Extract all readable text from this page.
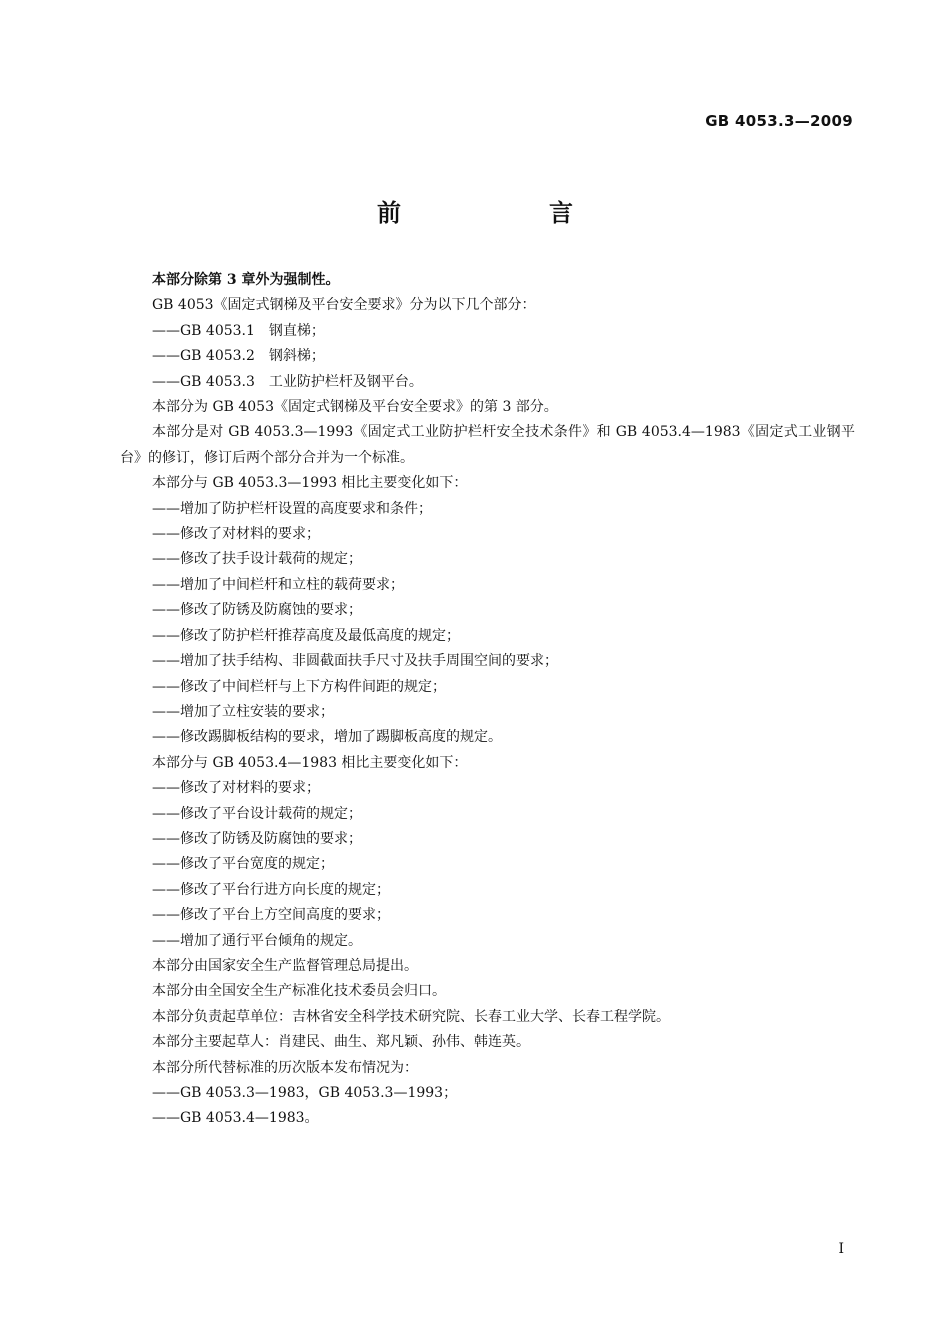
GB 4053.3—2009
前　言

本部分除第 3 章外为强制性。

GB 4053《固定式钢梯及平台安全要求》分为以下几个部分：

——GB 4053.1　钢直梯；

——GB 4053.2　钢斜梯；

——GB 4053.3　工业防护栏杆及钢平台。

本部分为 GB 4053《固定式钢梯及平台安全要求》的第 3 部分。

本部分是对 GB 4053.3—1993《固定式工业防护栏杆安全技术条件》和 GB 4053.4—1983《固定式工业钢平台》的修订，修订后两个部分合并为一个标准。

本部分与 GB 4053.3—1993 相比主要变化如下：

——增加了防护栏杆设置的高度要求和条件；

——修改了对材料的要求；

——修改了扶手设计载荷的规定；

——增加了中间栏杆和立柱的载荷要求；

——修改了防锈及防腐蚀的要求；

——修改了防护栏杆推荐高度及最低高度的规定；

——增加了扶手结构、非圆截面扶手尺寸及扶手周围空间的要求；

——修改了中间栏杆与上下方构件间距的规定；

——增加了立柱安装的要求；

——修改踢脚板结构的要求，增加了踢脚板高度的规定。

本部分与 GB 4053.4—1983 相比主要变化如下：

——修改了对材料的要求；

——修改了平台设计载荷的规定；

——修改了防锈及防腐蚀的要求；

——修改了平台宽度的规定；

——修改了平台行进方向长度的规定；

——修改了平台上方空间高度的要求；

——增加了通行平台倾角的规定。

本部分由国家安全生产监督管理总局提出。

本部分由全国安全生产标准化技术委员会归口。

本部分负责起草单位：吉林省安全科学技术研究院、长春工业大学、长春工程学院。

本部分主要起草人：肖建民、曲生、郑凡颖、孙伟、韩连英。

本部分所代替标准的历次版本发布情况为：

——GB 4053.3—1983，GB 4053.3—1993；

——GB 4053.4—1983。

I
